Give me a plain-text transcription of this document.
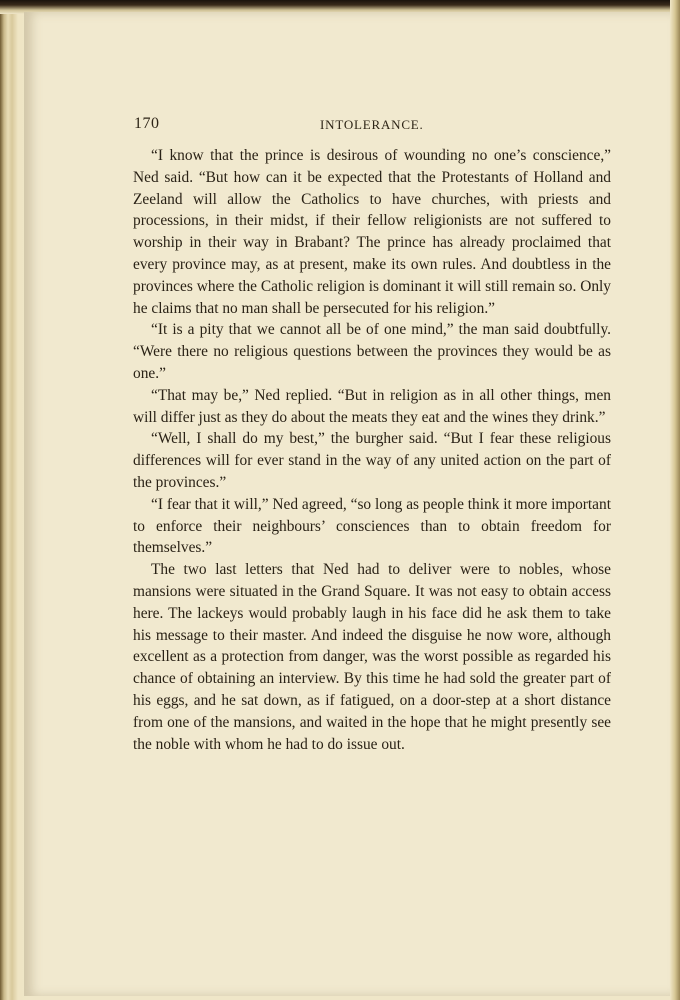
170	INTOLERANCE.

“I know that the prince is desirous of wounding no one’s conscience,” Ned said. “But how can it be expected that the Protestants of Holland and Zeeland will allow the Catholics to have churches, with priests and processions, in their midst, if their fellow religionists are not suffered to worship in their way in Brabant? The prince has already proclaimed that every province may, as at present, make its own rules. And doubtless in the provinces where the Catholic religion is dominant it will still remain so. Only he claims that no man shall be persecuted for his religion.”

“It is a pity that we cannot all be of one mind,” the man said doubtfully. “Were there no religious questions between the provinces they would be as one.”

“That may be,” Ned replied. “But in religion as in all other things, men will differ just as they do about the meats they eat and the wines they drink.”

“Well, I shall do my best,” the burgher said. “But I fear these religious differences will for ever stand in the way of any united action on the part of the provinces.”

“I fear that it will,” Ned agreed, “so long as people think it more important to enforce their neighbours’ consciences than to obtain freedom for themselves.”

The two last letters that Ned had to deliver were to nobles, whose mansions were situated in the Grand Square. It was not easy to obtain access here. The lackeys would probably laugh in his face did he ask them to take his message to their master. And indeed the disguise he now wore, although excellent as a protection from danger, was the worst possible as regarded his chance of obtaining an interview. By this time he had sold the greater part of his eggs, and he sat down, as if fatigued, on a door-step at a short distance from one of the mansions, and waited in the hope that he might presently see the noble with whom he had to do issue out.
